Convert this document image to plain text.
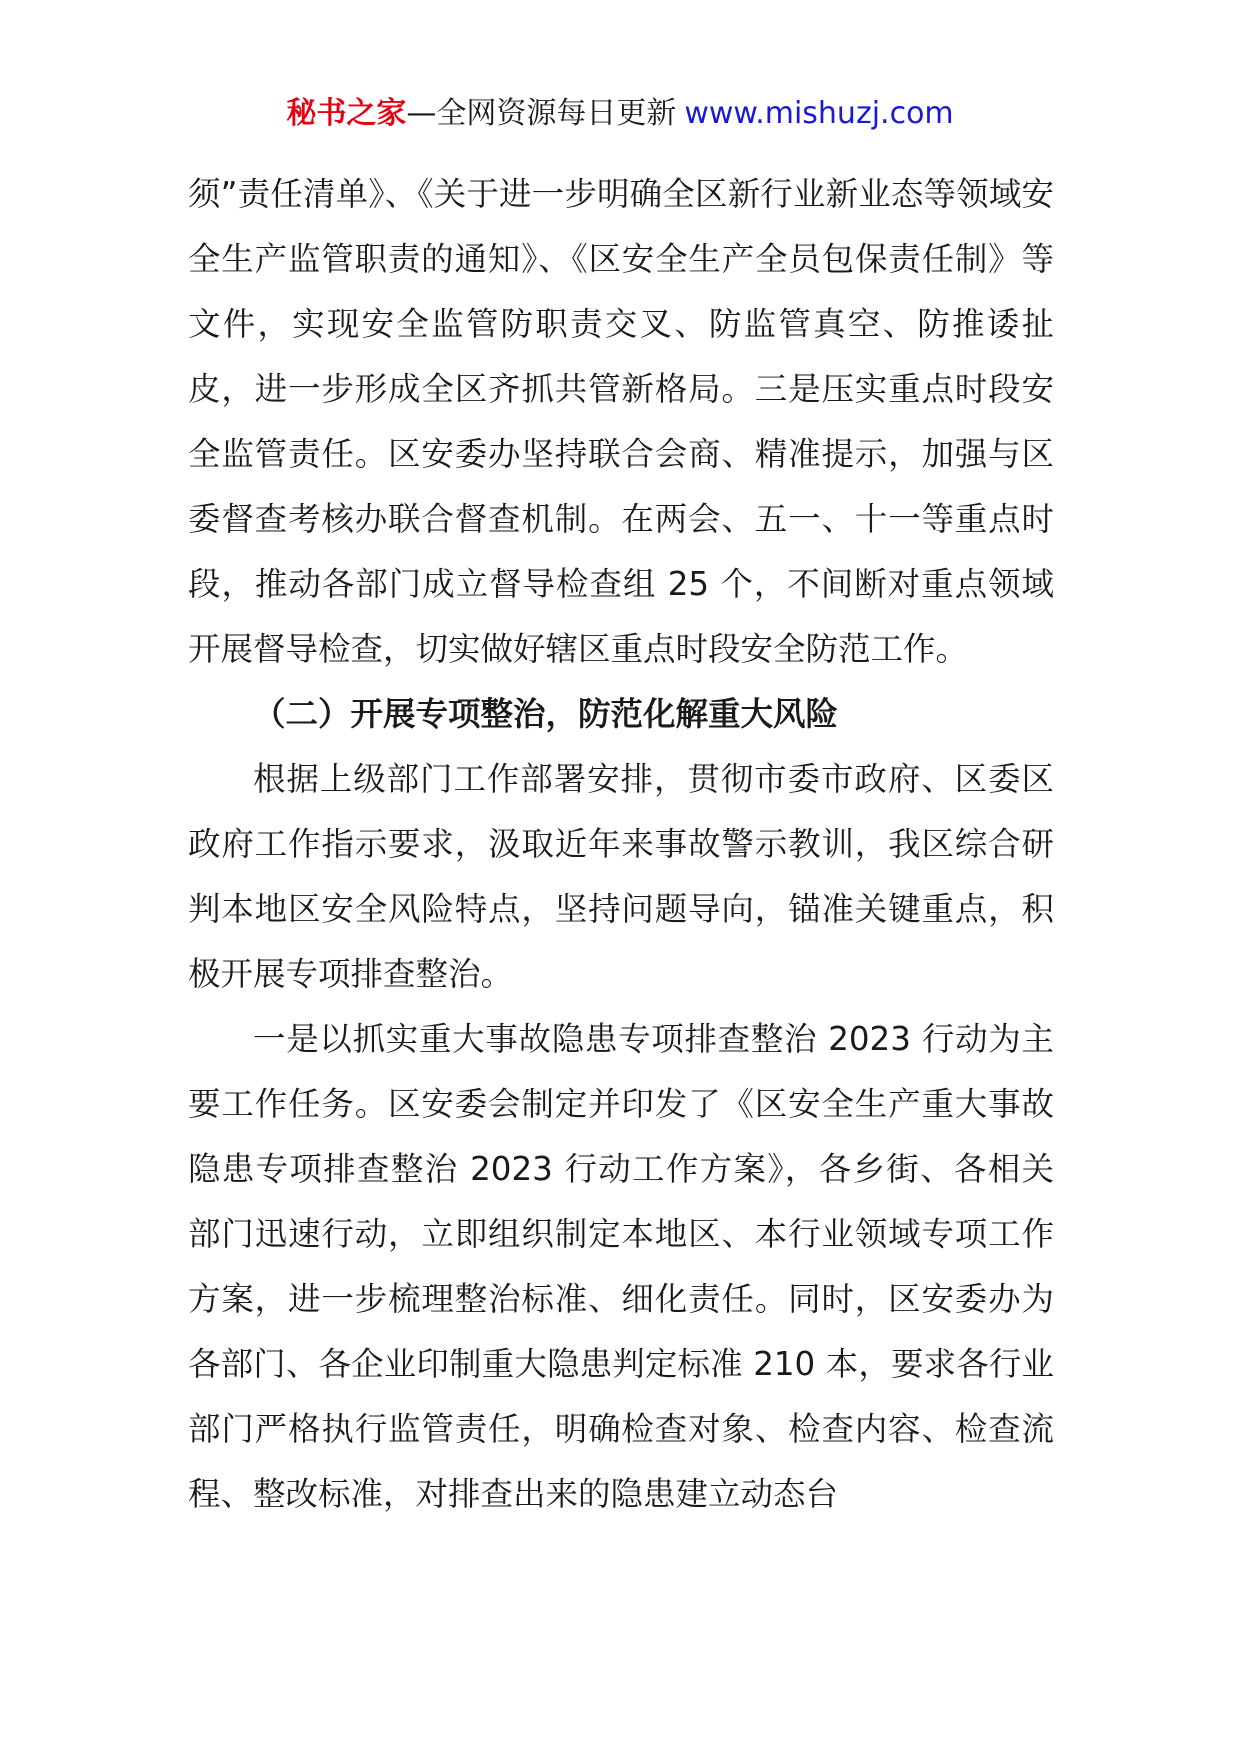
秘书之家—全网资源每日更新 www.mishuzj.com

须”责任清单》、《关于进一步明确全区新行业新业态等领域安全生产监管职责的通知》、《区安全生产全员包保责任制》等文件，实现安全监管防职责交叉、防监管真空、防推诿扯皮，进一步形成全区齐抓共管新格局。三是压实重点时段安全监管责任。区安委办坚持联合会商、精准提示，加强与区委督查考核办联合督查机制。在两会、五一、十一等重点时段，推动各部门成立督导检查组 25 个，不间断对重点领域开展督导检查，切实做好辖区重点时段安全防范工作。

（二）开展专项整治，防范化解重大风险

根据上级部门工作部署安排，贯彻市委市政府、区委区政府工作指示要求，汲取近年来事故警示教训，我区综合研判本地区安全风险特点，坚持问题导向，锚准关键重点，积极开展专项排查整治。

一是以抓实重大事故隐患专项排查整治 2023 行动为主要工作任务。区安委会制定并印发了《区安全生产重大事故隐患专项排查整治 2023 行动工作方案》，各乡街、各相关部门迅速行动，立即组织制定本地区、本行业领域专项工作方案，进一步梳理整治标准、细化责任。同时，区安委办为各部门、各企业印制重大隐患判定标准 210 本，要求各行业部门严格执行监管责任，明确检查对象、检查内容、检查流程、整改标准，对排查出来的隐患建立动态台
